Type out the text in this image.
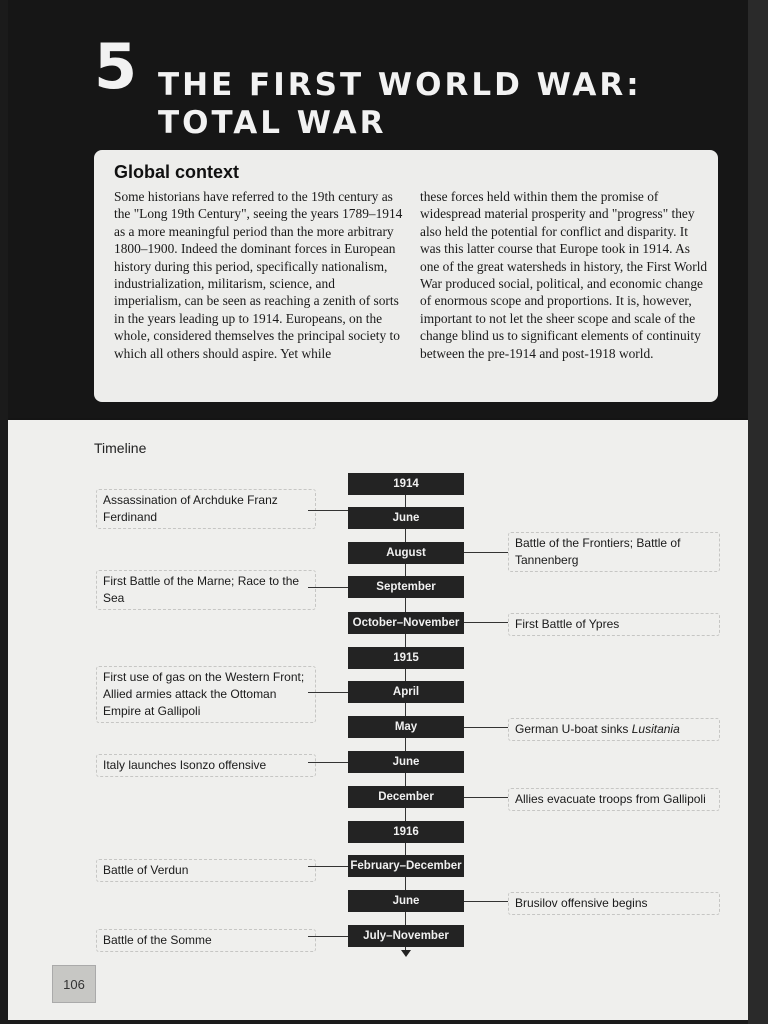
5 THE FIRST WORLD WAR:
TOTAL WAR
Global context
Some historians have referred to the 19th century as the "Long 19th Century", seeing the years 1789–1914 as a more meaningful period than the more arbitrary 1800–1900. Indeed the dominant forces in European history during this period, specifically nationalism, industrialization, militarism, science, and imperialism, can be seen as reaching a zenith of sorts in the years leading up to 1914. Europeans, on the whole, considered themselves the principal society to which all others should aspire. Yet while
these forces held within them the promise of widespread material prosperity and "progress" they also held the potential for conflict and disparity. It was this latter course that Europe took in 1914. As one of the great watersheds in history, the First World War produced social, political, and economic change of enormous scope and proportions. It is, however, important to not let the sheer scope and scale of the change blind us to significant elements of continuity between the pre-1914 and post-1918 world.
Timeline
1914
June
August
September
October–November
1915
April
May
June
December
1916
February–December
June
July–November
Assassination of Archduke Franz Ferdinand
First Battle of the Marne; Race to the Sea
First use of gas on the Western Front; Allied armies attack the Ottoman Empire at Gallipoli
Italy launches Isonzo offensive
Battle of Verdun
Battle of the Somme
Battle of the Frontiers; Battle of Tannenberg
First Battle of Ypres
German U-boat sinks Lusitania
Allies evacuate troops from Gallipoli
Brusilov offensive begins
106
